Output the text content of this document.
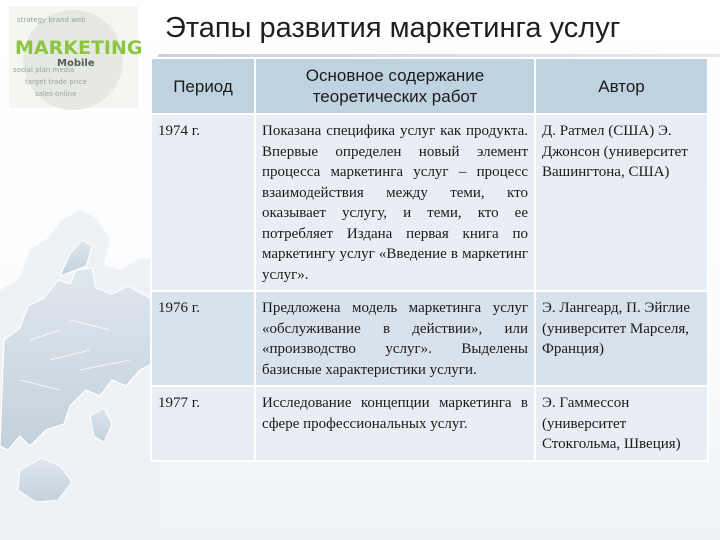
strategy brand web
social plan media
target trade price
sales online
MARKETING
Mobile
Этапы развития маркетинга услуг
Период	Основное содержание теоретических работ	Автор
1974 г.	Показана специфика услуг как продукта. Впервые определен новый элемент процесса маркетинга услуг – процесс взаимодействия между теми, кто оказывает услугу, и теми, кто ее потребляет Издана первая книга по маркетингу услуг «Введение в маркетинг услуг».	Д. Ратмел (США) Э. Джонсон (университет Вашингтона, США)
1976 г.	Предложена модель маркетинга услуг «обслуживание в действии», или «производство услуг». Выделены базисные характеристики услуги.	Э. Лангеард, П. Эйглие (университет Марселя, Франция)
1977 г.	Исследование концепции маркетинга в сфере профессиональных услуг.	Э. Гаммессон (университет Стокгольма, Швеция)
